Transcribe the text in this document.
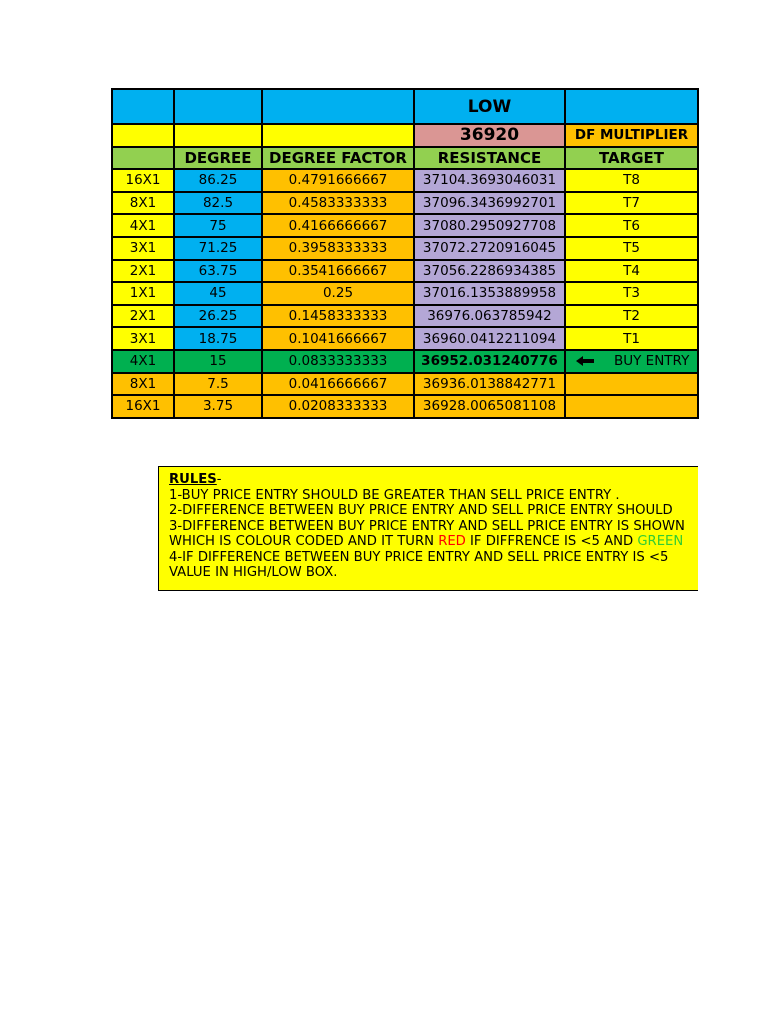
			LOW	
			36920	DF MULTIPLIER
	DEGREE	DEGREE FACTOR	RESISTANCE	TARGET
16X1	86.25	0.4791666667	37104.3693046031	T8
8X1	82.5	0.4583333333	37096.3436992701	T7
4X1	75	0.4166666667	37080.2950927708	T6
3X1	71.25	0.3958333333	37072.2720916045	T5
2X1	63.75	0.3541666667	37056.2286934385	T4
1X1	45	0.25	37016.1353889958	T3
2X1	26.25	0.1458333333	36976.063785942	T2
3X1	18.75	0.1041666667	36960.0412211094	T1
4X1	15	0.0833333333	36952.031240776	BUY ENTRY
8X1	7.5	0.0416666667	36936.0138842771	
16X1	3.75	0.0208333333	36928.0065081108	
RULES-
1-BUY PRICE ENTRY SHOULD BE GREATER THAN SELL PRICE ENTRY .
2-DIFFERENCE BETWEEN BUY PRICE ENTRY AND SELL PRICE ENTRY SHOULD
3-DIFFERENCE BETWEEN BUY PRICE ENTRY AND SELL PRICE ENTRY IS SHOWN
WHICH IS COLOUR CODED AND IT TURN RED IF DIFFRENCE IS <5 AND GREEN
4-IF DIFFERENCE BETWEEN BUY PRICE ENTRY AND SELL PRICE ENTRY IS <5
VALUE IN HIGH/LOW BOX.
